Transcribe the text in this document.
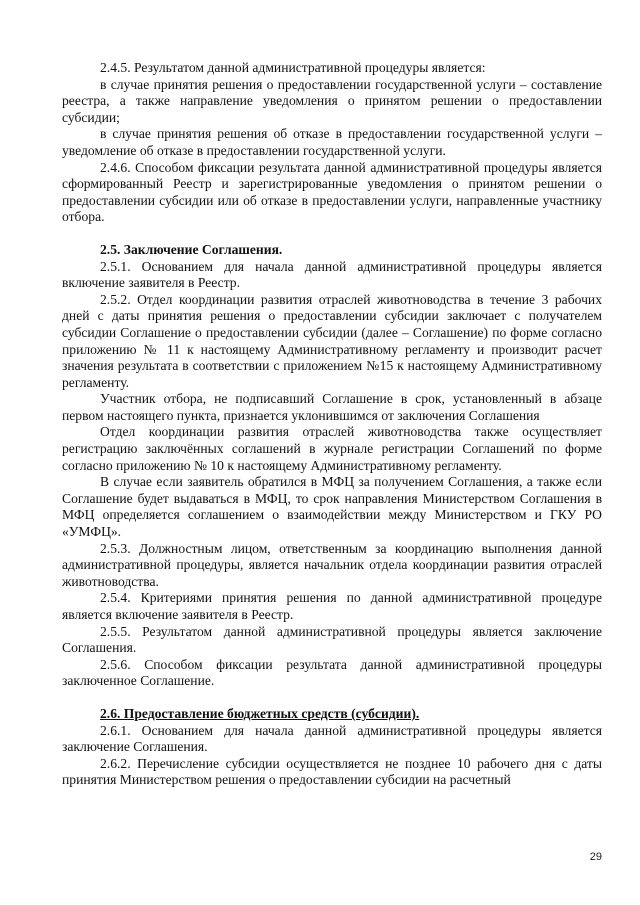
2.4.5. Результатом данной административной процедуры является:

в случае принятия решения о предоставлении государственной услуги – составление реестра, а также направление уведомления о принятом решении о предоставлении субсидии;

в случае принятия решения об отказе в предоставлении государственной услуги – уведомление об отказе в предоставлении государственной услуги.

2.4.6. Способом фиксации результата данной административной процедуры является сформированный Реестр и зарегистрированные уведомления о принятом решении о предоставлении субсидии или об отказе в предоставлении услуги, направленные участнику отбора.

2.5. Заключение Соглашения.

2.5.1. Основанием для начала данной административной процедуры является включение заявителя в Реестр.

2.5.2. Отдел координации развития отраслей животноводства в течение 3 рабочих дней с даты принятия решения о предоставлении субсидии заключает с получателем субсидии Соглашение о предоставлении субсидии (далее – Соглашение) по форме согласно приложению № 11 к настоящему Административному регламенту и производит расчет значения результата в соответствии с приложением №15 к настоящему Административному регламенту.

Участник отбора, не подписавший Соглашение в срок, установленный в абзаце первом настоящего пункта, признается уклонившимся от заключения Соглашения

Отдел координации развития отраслей животноводства также осуществляет регистрацию заключённых соглашений в журнале регистрации Соглашений по форме согласно приложению № 10 к настоящему Административному регламенту.

В случае если заявитель обратился в МФЦ за получением Соглашения, а также если Соглашение будет выдаваться в МФЦ, то срок направления Министерством Соглашения в МФЦ определяется соглашением о взаимодействии между Министерством и ГКУ РО «УМФЦ».

2.5.3. Должностным лицом, ответственным за координацию выполнения данной административной процедуры, является начальник отдела координации развития отраслей животноводства.

2.5.4. Критериями принятия решения по данной административной процедуре является включение заявителя в Реестр.

2.5.5. Результатом данной административной процедуры является заключение Соглашения.

2.5.6. Способом фиксации результата данной административной процедуры заключенное Соглашение.

2.6. Предоставление бюджетных средств (субсидии).

2.6.1. Основанием для начала данной административной процедуры является заключение Соглашения.

2.6.2. Перечисление субсидии осуществляется не позднее 10 рабочего дня с даты принятия Министерством решения о предоставлении субсидии на расчетный

29
